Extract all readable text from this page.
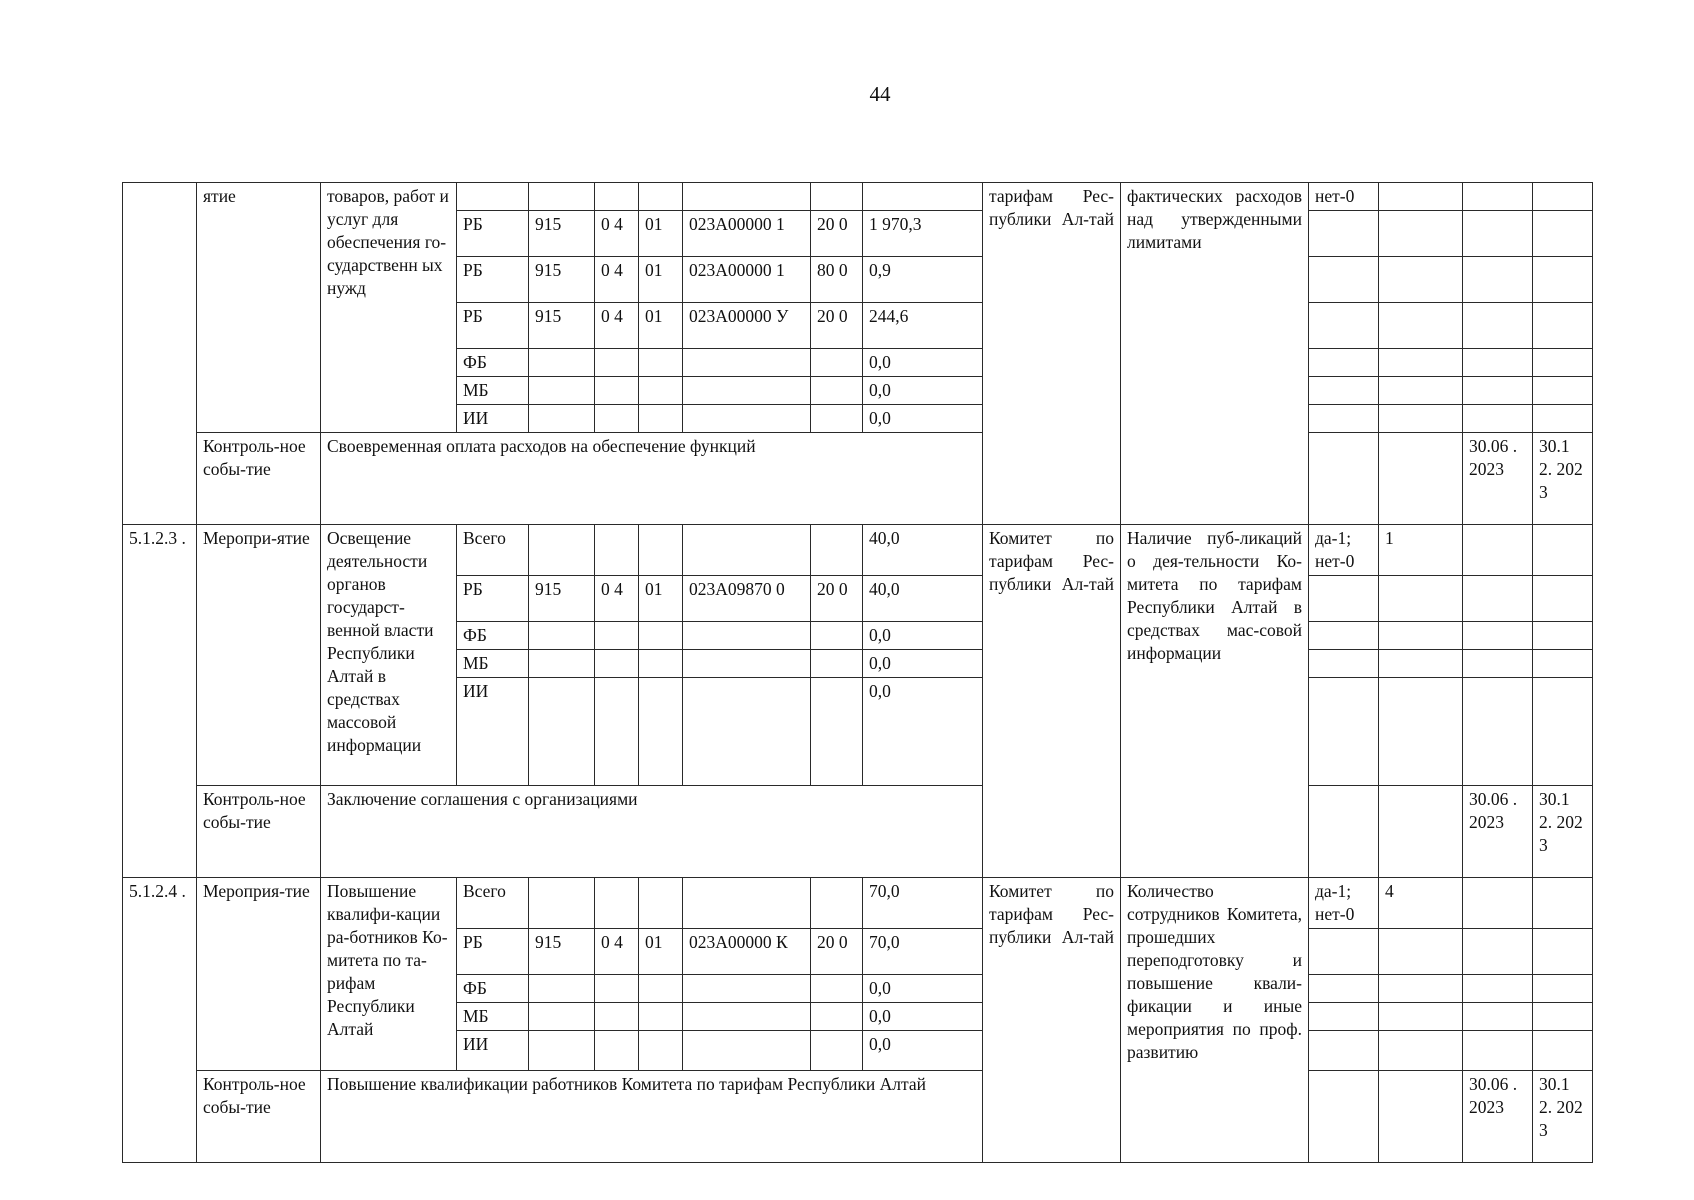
44
	ятие	товаров, работ и услуг для обеспечения го-сударственн ых нужд								тарифам Рес-публики Ал-тай	фактических расходов над утвержденными лимитами	нет-0			
			РБ	915	0 4	01	023А00000 1	20 0	1 970,3						
			РБ	915	0 4	01	023А00000 1	80 0	0,9						
			РБ	915	0 4	01	023А00000 У	20 0	244,6						
			ФБ						0,0						
			МБ						0,0						
			ИИ						0,0						
	Контроль-ное собы-тие	Своевременная оплата расходов на обеспечение функций												30.06 . 2023	30.1 2. 202 3
5.1.2.3 .	Меропри-ятие	Освещение деятельности органов государст-венной власти Республики Алтай в средствах массовой информации	Всего						40,0	Комитет по тарифам Рес-публики Ал-тай	Наличие пуб-ликаций о дея-тельности Ко-митета по тарифам Республики Алтай в средствах мас-совой информации	да-1; нет-0	1		
			РБ	915	0 4	01	023А09870 0	20 0	40,0						
			ФБ						0,0						
			МБ						0,0						
			ИИ						0,0						
	Контроль-ное собы-тие	Заключение соглашения с организациями												30.06 . 2023	30.1 2. 202 3
5.1.2.4 .	Мероприя-тие	Повышение квалифи-кации ра-ботников Ко-митета по та-рифам Республики Алтай	Всего						70,0	Комитет по тарифам Рес-публики Ал-тай	Количество сотрудников Комитета, прошедших переподготовку и повышение квали-фикации и иные мероприятия по проф. развитию	да-1; нет-0	4		
			РБ	915	0 4	01	023А00000 К	20 0	70,0						
			ФБ						0,0						
			МБ						0,0						
			ИИ						0,0						
	Контроль-ное собы-тие	Повышение квалификации работников Комитета по тарифам Республики Алтай												30.06 . 2023	30.1 2. 202 3
